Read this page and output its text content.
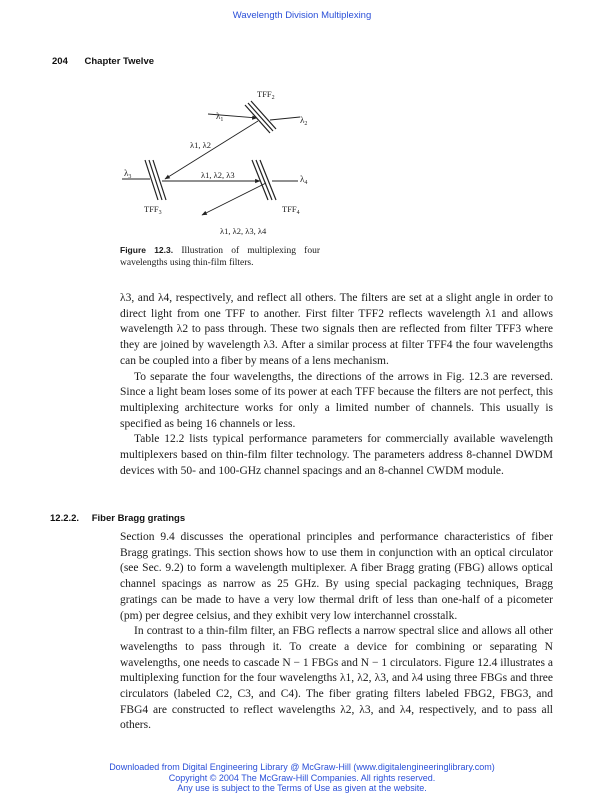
Wavelength Division Multiplexing
204 Chapter Twelve
$TFF_2$
$TFF_3$	$TFF_4$
$\lambda_1$	$\lambda_2$
λ1, λ2
$\lambda_3$	λ1, λ2, λ3	$\lambda_4$
λ1, λ2, λ3, λ4
Figure 12.3. Illustration of multiplexing four wavelengths using thin-film filters.

λ3, and λ4, respectively, and reflect all others. The filters are set at a slight angle in order to direct light from one TFF to another. First filter TFF2 reflects wavelength λ1 and allows wavelength λ2 to pass through. These two signals then are reflected from filter TFF3 where they are joined by wavelength λ3. After a similar process at filter TFF4 the four wavelengths can be coupled into a fiber by means of a lens mechanism.

To separate the four wavelengths, the directions of the arrows in Fig. 12.3 are reversed. Since a light beam loses some of its power at each TFF because the filters are not perfect, this multiplexing architecture works for only a limited number of channels. This usually is specified as being 16 channels or less.

Table 12.2 lists typical performance parameters for commercially available wavelength multiplexers based on thin-film filter technology. The parameters address 8-channel DWDM devices with 50- and 100-GHz channel spacings and an 8-channel CWDM module.

12.2.2. Fiber Bragg gratings

Section 9.4 discusses the operational principles and performance characteristics of fiber Bragg gratings. This section shows how to use them in conjunction with an optical circulator (see Sec. 9.2) to form a wavelength multiplexer. A fiber Bragg grating (FBG) allows optical channel spacings as narrow as 25 GHz. By using special packaging techniques, Bragg gratings can be made to have a very low thermal drift of less than one-half of a picometer (pm) per degree celsius, and they exhibit very low interchannel crosstalk.

In contrast to a thin-film filter, an FBG reflects a narrow spectral slice and allows all other wavelengths to pass through it. To create a device for combining or separating N wavelengths, one needs to cascade N − 1 FBGs and N − 1 circulators. Figure 12.4 illustrates a multiplexing function for the four wavelengths λ1, λ2, λ3, and λ4 using three FBGs and three circulators (labeled C2, C3, and C4). The fiber grating filters labeled FBG2, FBG3, and FBG4 are constructed to reflect wavelengths λ2, λ3, and λ4, respectively, and to pass all others.

Downloaded from Digital Engineering Library @ McGraw-Hill (www.digitalengineeringlibrary.com)
Copyright © 2004 The McGraw-Hill Companies. All rights reserved.
Any use is subject to the Terms of Use as given at the website.
